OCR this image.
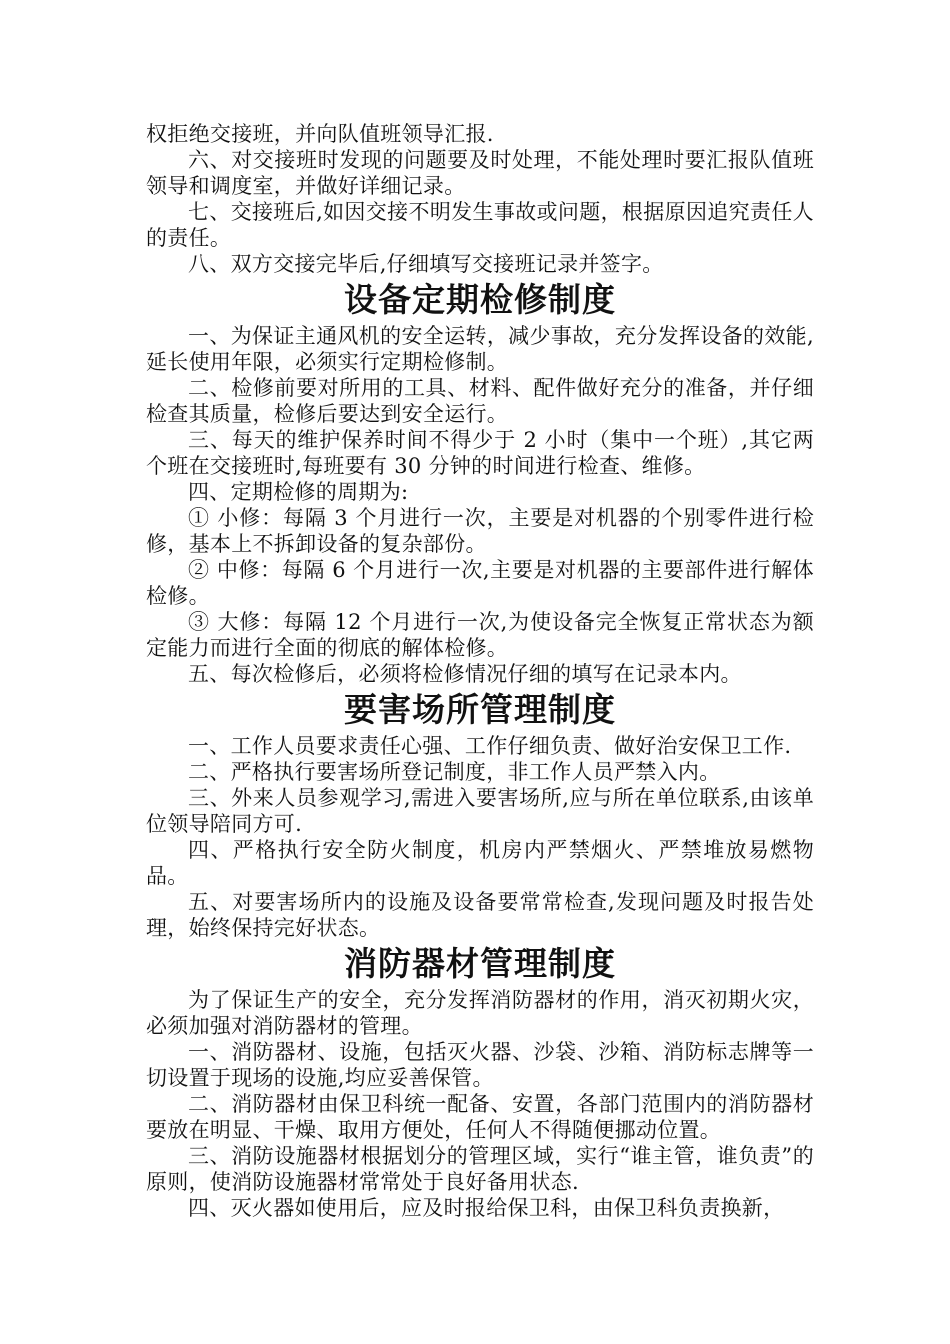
权拒绝交接班，并向队值班领导汇报.

六、对交接班时发现的问题要及时处理，不能处理时要汇报队值班领导和调度室，并做好详细记录。

七、交接班后,如因交接不明发生事故或问题，根据原因追究责任人的责任。

八、双方交接完毕后,仔细填写交接班记录并签字。

设备定期检修制度

一、为保证主通风机的安全运转，减少事故，充分发挥设备的效能,延长使用年限，必须实行定期检修制。

二、检修前要对所用的工具、材料、配件做好充分的准备，并仔细检查其质量，检修后要达到安全运行。

三、每天的维护保养时间不得少于 2 小时（集中一个班）,其它两个班在交接班时,每班要有 30 分钟的时间进行检查、维修。

四、定期检修的周期为:

① 小修：每隔 3 个月进行一次，主要是对机器的个别零件进行检修，基本上不拆卸设备的复杂部份。

② 中修：每隔 6 个月进行一次,主要是对机器的主要部件进行解体检修。

③ 大修：每隔 12 个月进行一次,为使设备完全恢复正常状态为额定能力而进行全面的彻底的解体检修。

五、每次检修后，必须将检修情况仔细的填写在记录本内。

要害场所管理制度

一、工作人员要求责任心强、工作仔细负责、做好治安保卫工作.

二、严格执行要害场所登记制度，非工作人员严禁入内。

三、外来人员参观学习,需进入要害场所,应与所在单位联系,由该单位领导陪同方可.

四、严格执行安全防火制度，机房内严禁烟火、严禁堆放易燃物品。

五、对要害场所内的设施及设备要常常检查,发现问题及时报告处理，始终保持完好状态。

消防器材管理制度

为了保证生产的安全，充分发挥消防器材的作用，消灭初期火灾，必须加强对消防器材的管理。

一、消防器材、设施，包括灭火器、沙袋、沙箱、消防标志牌等一切设置于现场的设施,均应妥善保管。

二、消防器材由保卫科统一配备、安置，各部门范围内的消防器材要放在明显、干燥、取用方便处，任何人不得随便挪动位置。

三、消防设施器材根据划分的管理区域，实行“谁主管，谁负责”的原则，使消防设施器材常常处于良好备用状态.

四、灭火器如使用后，应及时报给保卫科，由保卫科负责换新，
